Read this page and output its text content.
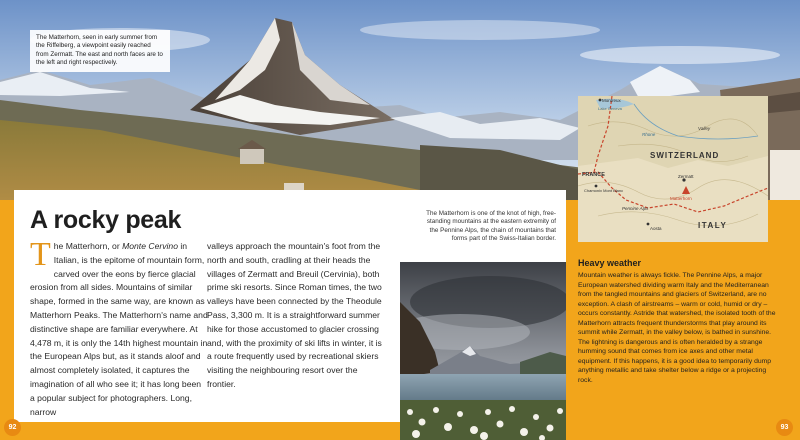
The Matterhorn, seen in early summer from the Riffelberg, a viewpoint easily reached from Zermatt. The east and north faces are to the left and right respectively.
A rocky peak	The Matterhorn is one of the knot of high, free-standing mountains at the eastern extremity of the Pennine Alps, the chain of mountains that forms part of the Swiss-Italian border.
The Matterhorn, or Monte Cervino in Italian, is the epitome of mountain form, carved over the eons by fierce glacial erosion from all sides. Mountains of similar shape, formed in the same way, are known as Matterhorn Peaks. The Matterhorn's name and distinctive shape are familiar everywhere. At 4,478 m, it is only the 14th highest mountain in the European Alps but, as it stands aloof and almost completely isolated, it captures the imagination of all who see it; it has long been a popular subject for photographers. Long, narrow
valleys approach the mountain's foot from the north and south, cradling at their heads the villages of Zermatt and Breuil (Cervinia), both prime ski resorts. Since Roman times, the two valleys have been connected by the Theodule Pass, 3,300 m. It is a straightforward summer hike for those accustomed to glacier crossing and, with the proximity of ski lifts in winter, it is a route frequently used by recreational skiers visiting the neighbouring resort over the frontier.
Montreux
Lake Geneva
SWITZERLAND
FRANCE
ITALY
Chamonix Mont Blanc
Zermatt
Matterhorn
Rhone
Valley
Pennine Alps
Aosta
Heavy weather

Mountain weather is always fickle. The Pennine Alps, a major European watershed dividing warm Italy and the Mediterranean from the tangled mountains and glaciers of Switzerland, are no exception. A clash of airstreams – warm or cold, humid or dry – occurs constantly. Astride that watershed, the isolated tooth of the Matterhorn attracts frequent thunderstorms that play around its summit while Zermatt, in the valley below, is bathed in sunshine. The lightning is dangerous and is often heralded by a strange humming sound that comes from ice axes and other metal equipment. If this happens, it is a good idea to temporarily dump anything metallic and take shelter below a ridge or a projecting rock.

92	93
